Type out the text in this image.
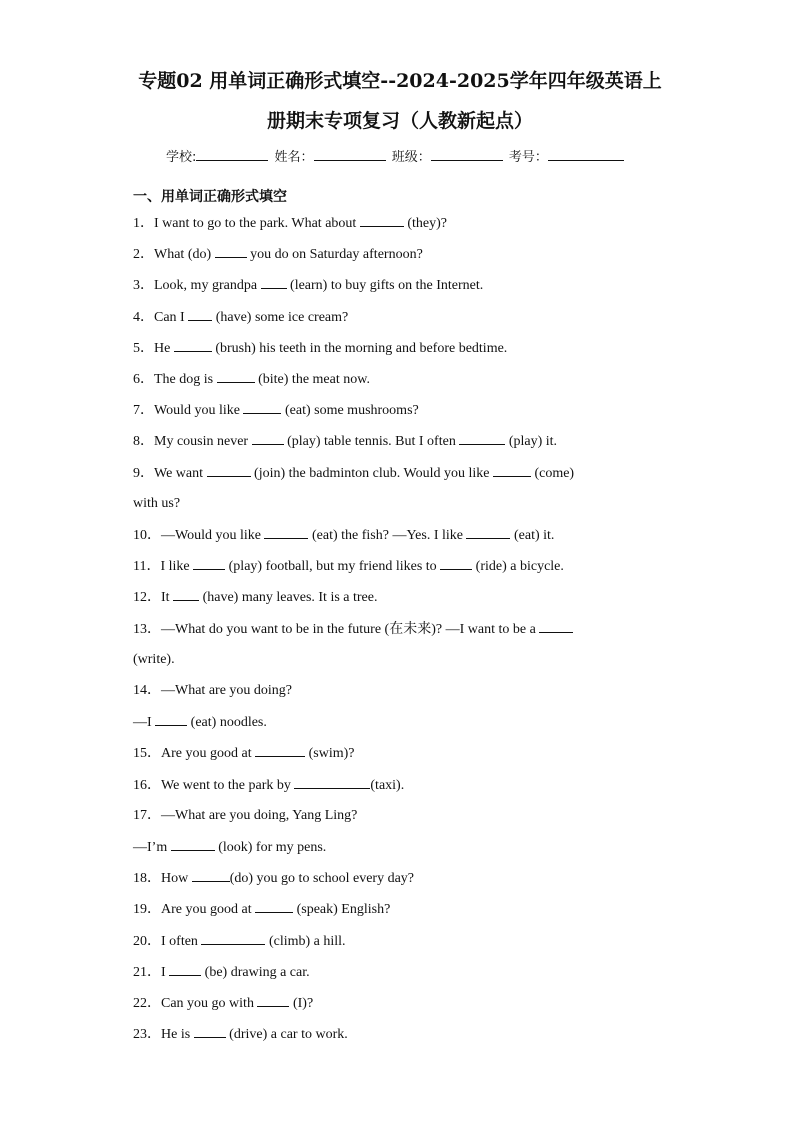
专题02 用单词正确形式填空--2024-2025学年四年级英语上
册期末专项复习（人教新起点）
学校:	姓名：	班级：	考号：
一、用单词正确形式填空
1．I want to go to the park. What about	(they)?
2．What (do)  you do on Saturday afternoon?
3．Look, my grandpa  (learn) to buy gifts on the Internet.
4．Can I  (have) some ice cream?
5．He	(brush) his teeth in the morning and before bedtime.
6．The dog is	(bite) the meat now.
7．Would you like	(eat) some mushrooms?
8．My cousin never  (play) table tennis. But I often	(play) it.
9．We want	(join) the badminton club. Would you like	(come)
with us?
10．—Would you like	(eat) the fish? —Yes. I like	(eat) it.
11．I like  (play) football, but my friend likes to  (ride) a bicycle.
12．It  (have) many leaves. It is a tree.
13．—What do you want to be in the future (在未来)? —I want to be a
(write).
14．—What are you doing?
—I  (eat) noodles.
15．Are you good at	(swim)?
16．We went to the park by	(taxi).
17．—What are you doing, Yang Ling?
—I’m	(look) for my pens.
18．How	(do) you go to school every day?
19．Are you good at	(speak) English?
20．I often	(climb) a hill.
21．I  (be) drawing a car.
22．Can you go with  (I)?
23．He is  (drive) a car to work.
